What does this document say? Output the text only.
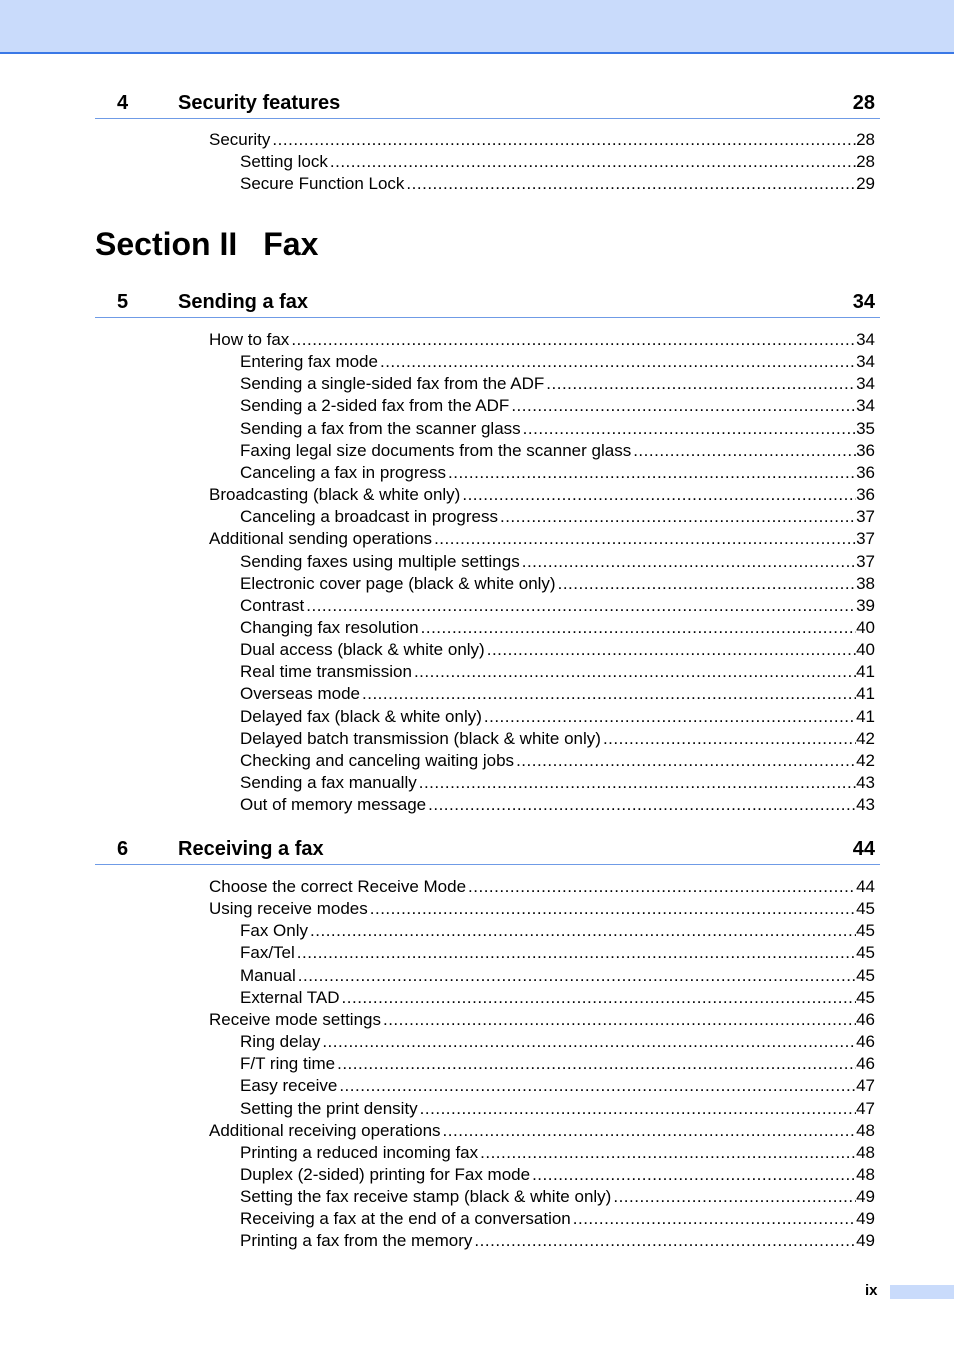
4 Security features	28
Section II Fax
5 Sending a fax	34
6 Receiving a fax	44
ix
Security .....	28
Setting lock .....	28
Secure Function Lock .....	29
How to fax .....	34
Entering fax mode .....	34
Sending a single-sided fax from the ADF .....	34
Sending a 2-sided fax from the ADF .....	34
Sending a fax from the scanner glass .....	35
Faxing legal size documents from the scanner glass .....	36
Canceling a fax in progress .....	36
Broadcasting (black & white only) .....	36
Canceling a broadcast in progress .....	37
Additional sending operations .....	37
Sending faxes using multiple settings .....	37
Electronic cover page (black & white only) .....	38
Contrast .....	39
Changing fax resolution .....	40
Dual access (black & white only) .....	40
Real time transmission .....	41
Overseas mode .....	41
Delayed fax (black & white only) .....	41
Delayed batch transmission (black & white only) .....	42
Checking and canceling waiting jobs .....	42
Sending a fax manually .....	43
Out of memory message .....	43
Choose the correct Receive Mode .....	44
Using receive modes .....	45
Fax Only .....	45
Fax/Tel .....	45
Manual .....	45
External TAD .....	45
Receive mode settings .....	46
Ring delay .....	46
F/T ring time .....	46
Easy receive .....	47
Setting the print density .....	47
Additional receiving operations .....	48
Printing a reduced incoming fax .....	48
Duplex (2-sided) printing for Fax mode .....	48
Setting the fax receive stamp (black & white only) .....	49
Receiving a fax at the end of a conversation .....	49
Printing a fax from the memory .....	49
